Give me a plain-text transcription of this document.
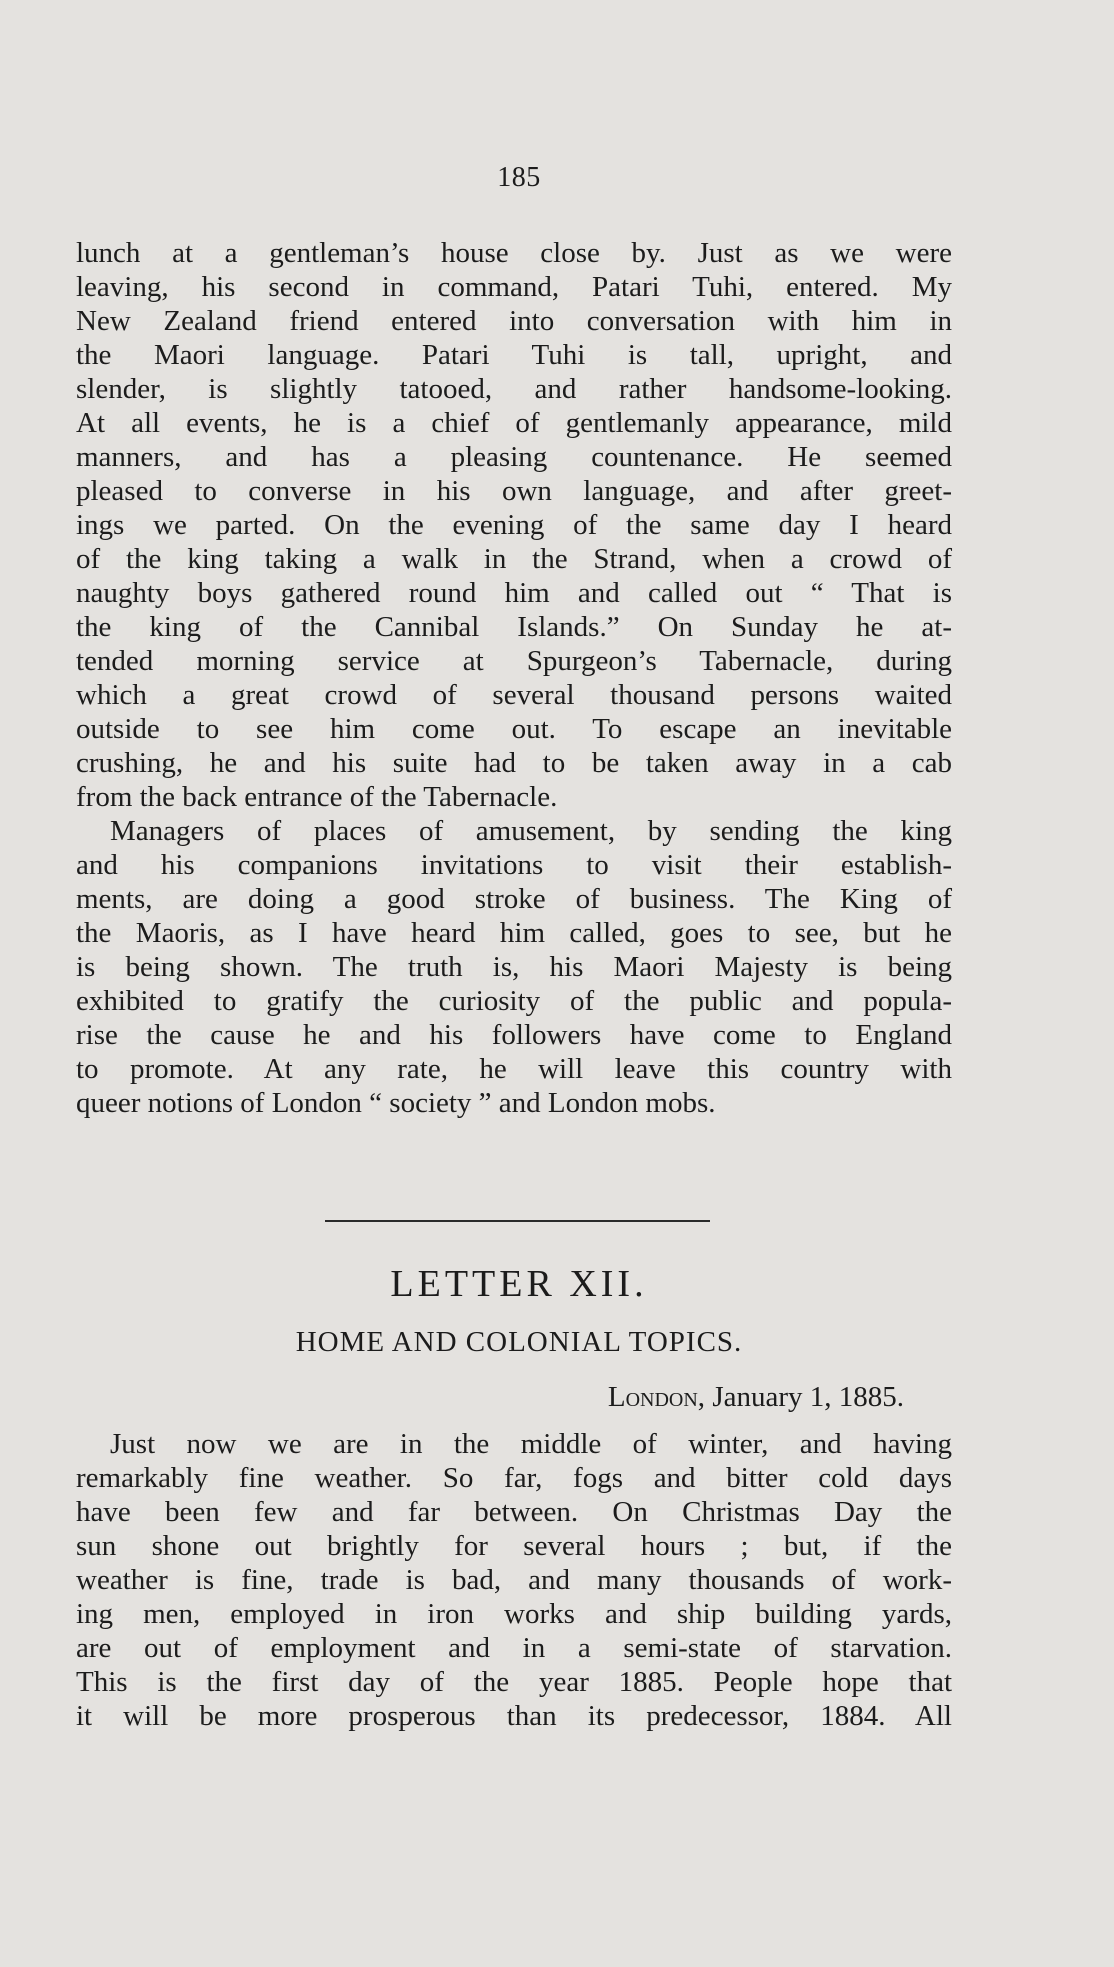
185
lunch at a gentleman’s house close by. Just as we were
leaving, his second in command, Patari Tuhi, entered. My
New Zealand friend entered into conversation with him in
the Maori language. Patari Tuhi is tall, upright, and
slender, is slightly tatooed, and rather handsome-looking.
At all events, he is a chief of gentlemanly appearance, mild
manners, and has a pleasing countenance. He seemed
pleased to converse in his own language, and after greet-
ings we parted. On the evening of the same day I heard
of the king taking a walk in the Strand, when a crowd of
naughty boys gathered round him and called out “ That is
the king of the Cannibal Islands.” On Sunday he at-
tended morning service at Spurgeon’s Tabernacle, during
which a great crowd of several thousand persons waited
outside to see him come out. To escape an inevitable
crushing, he and his suite had to be taken away in a cab
from the back entrance of the Tabernacle.
Managers of places of amusement, by sending the king
and his companions invitations to visit their establish-
ments, are doing a good stroke of business. The King of
the Maoris, as I have heard him called, goes to see, but he
is being shown. The truth is, his Maori Majesty is being
exhibited to gratify the curiosity of the public and popula-
rise the cause he and his followers have come to England
to promote. At any rate, he will leave this country with
queer notions of London “ society ” and London mobs.
LETTER XII.
HOME AND COLONIAL TOPICS.
London, January 1, 1885.
Just now we are in the middle of winter, and having
remarkably fine weather. So far, fogs and bitter cold days
have been few and far between. On Christmas Day the
sun shone out brightly for several hours ; but, if the
weather is fine, trade is bad, and many thousands of work-
ing men, employed in iron works and ship building yards,
are out of employment and in a semi-state of starvation.
This is the first day of the year 1885. People hope that
it will be more prosperous than its predecessor, 1884. All
